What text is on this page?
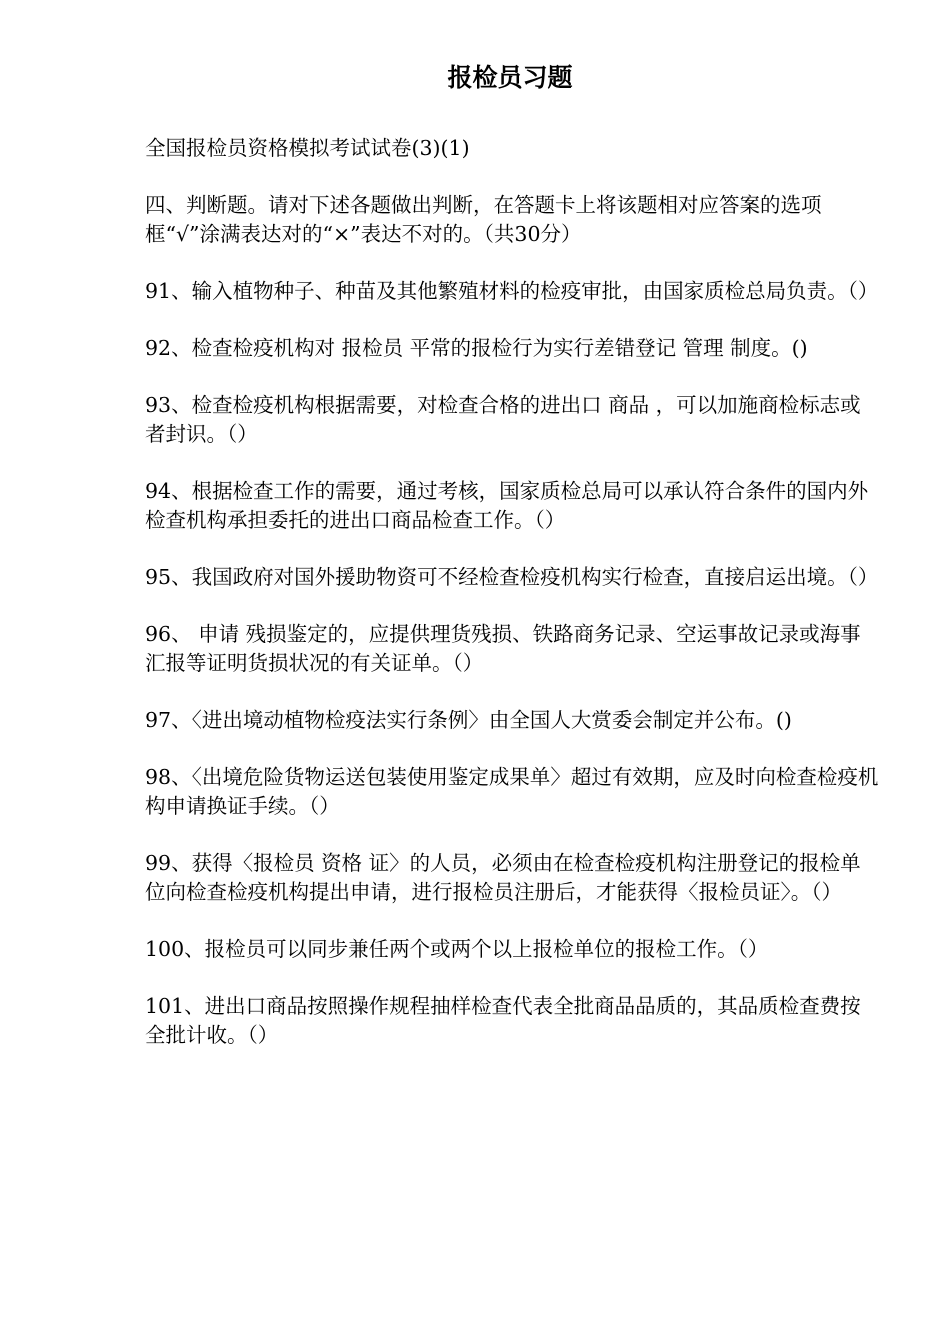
报检员习题

全国报检员资格模拟考试试卷(3)(1)

四、判断题。请对下述各题做出判断，在答题卡上将该题相对应答案的选项框“√”涂满表达对的“×”表达不对的。（共30分）

91、输入植物种子、种苗及其他繁殖材料的检疫审批，由国家质检总局负责。（）

92、检查检疫机构对 报检员 平常的报检行为实行差错登记 管理 制度。()

93、检查检疫机构根据需要，对检查合格的进出口 商品 ，可以加施商检标志或者封识。（）

94、根据检查工作的需要，通过考核，国家质检总局可以承认符合条件的国内外检查机构承担委托的进出口商品检查工作。（）

95、我国政府对国外援助物资可不经检查检疫机构实行检查，直接启运出境。（）

96、 申请 残损鉴定的，应提供理货残损、铁路商务记录、空运事故记录或海事汇报等证明货损状况的有关证单。（）

97、〈进出境动植物检疫法实行条例〉由全国人大赏委会制定并公布。()

98、〈出境危险货物运送包装使用鉴定成果单〉超过有效期，应及时向检查检疫机构申请换证手续。（）

99、获得〈报检员 资格 证〉的人员，必须由在检查检疫机构注册登记的报检单位向检查检疫机构提出申请，进行报检员注册后，才能获得〈报检员证〉。（）

100、报检员可以同步兼任两个或两个以上报检单位的报检工作。（）

101、进出口商品按照操作规程抽样检查代表全批商品品质的，其品质检查费按全批计收。（）
